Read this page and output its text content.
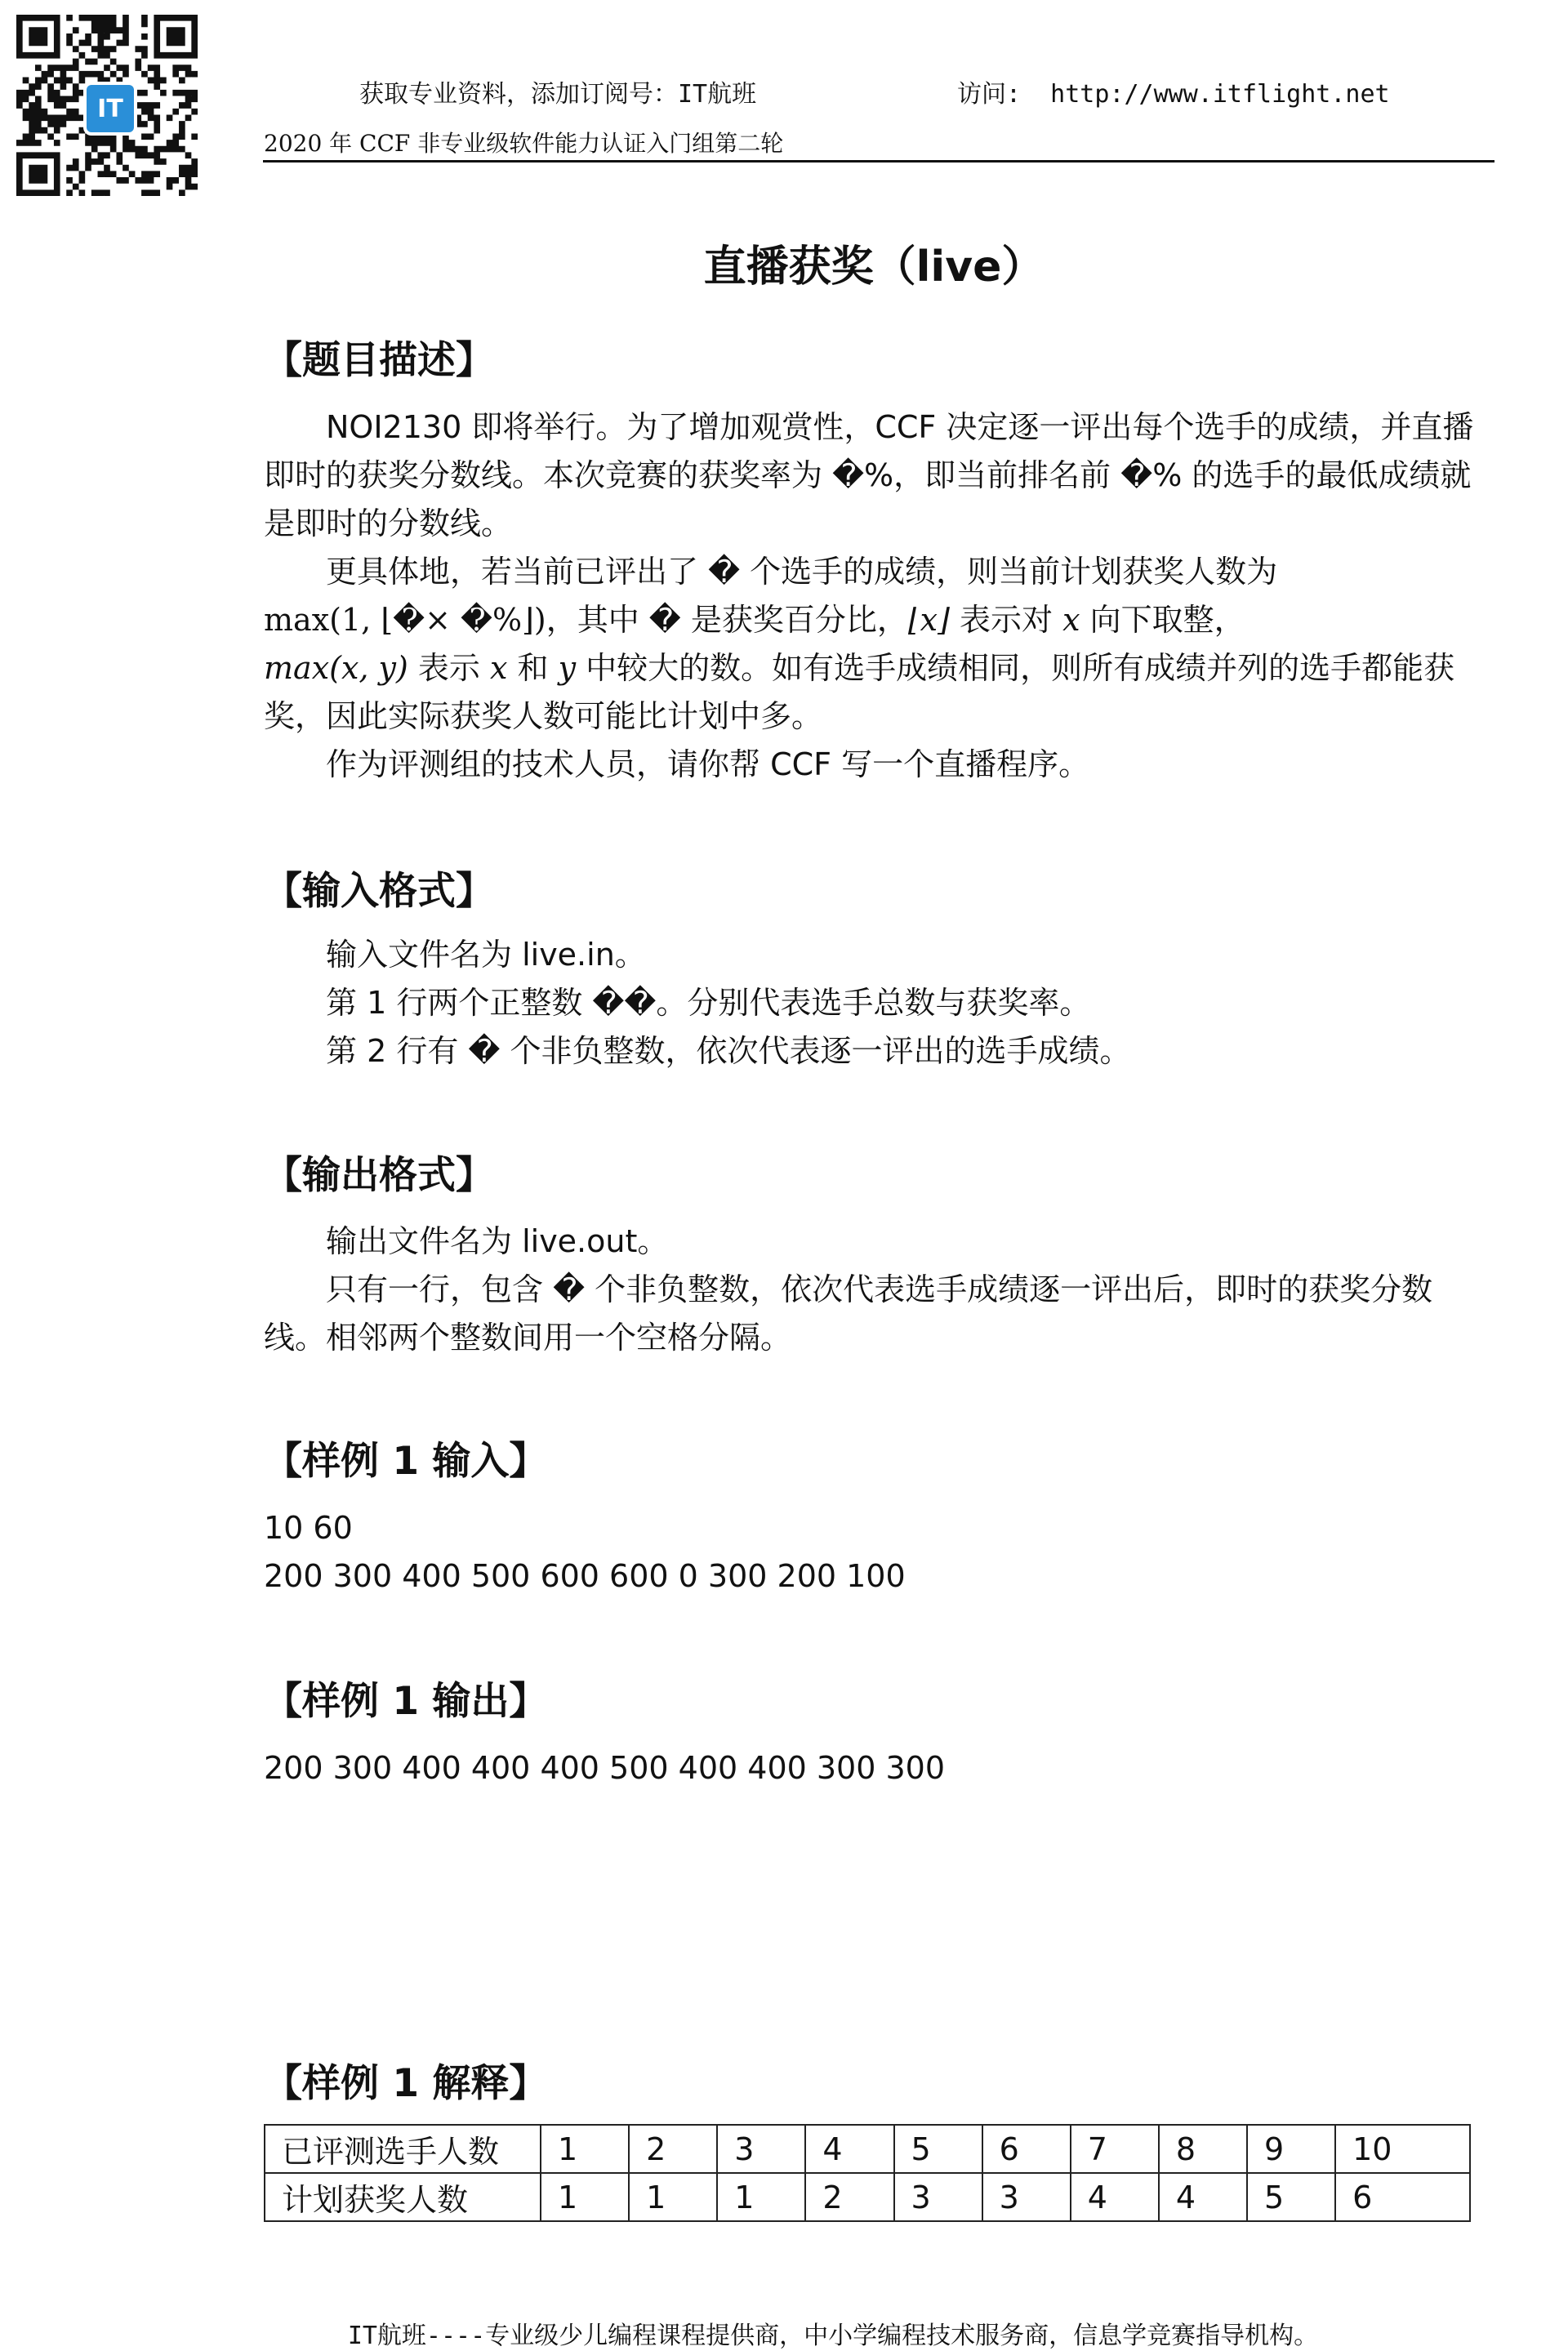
IT	获取专业资料，添加订阅号：IT航班	访问:  http://www.itflight.net
2020 年 CCF 非专业级软件能力认证入门组第二轮
直播获奖（live）
【题目描述】

NOI2130 即将举行。为了增加观赏性，CCF 决定逐一评出每个选手的成绩，并直播即时的获奖分数线。本次竞赛的获奖率为 �%，即当前排名前 �% 的选手的最低成绩就是即时的分数线。

更具体地，若当前已评出了 � 个选手的成绩，则当前计划获奖人数为

max(1, ⌊�× �%⌋)，其中 � 是获奖百分比，⌊x⌋ 表示对 x 向下取整，

max(x, y) 表示 x 和 y 中较大的数。如有选手成绩相同，则所有成绩并列的选手都能获奖，因此实际获奖人数可能比计划中多。

作为评测组的技术人员，请你帮 CCF 写一个直播程序。

【输入格式】

输入文件名为 live.in。

第 1 行两个正整数 ��。分别代表选手总数与获奖率。

第 2 行有 � 个非负整数，依次代表逐一评出的选手成绩。

【输出格式】

输出文件名为 live.out。

只有一行，包含 � 个非负整数，依次代表选手成绩逐一评出后，即时的获奖分数线。相邻两个整数间用一个空格分隔。

【样例 1 输入】
10 60
200 300 400 500 600 600 0 300 200 100
【样例 1 输出】
200 300 400 400 400 500 400 400 300 300
【样例 1 解释】
已评测选手人数	1	2	3	4	5	6	7	8	9	10
计划获奖人数	1	1	1	2	3	3	4	4	5	6
IT航班----专业级少儿编程课程提供商，中小学编程技术服务商，信息学竞赛指导机构。
